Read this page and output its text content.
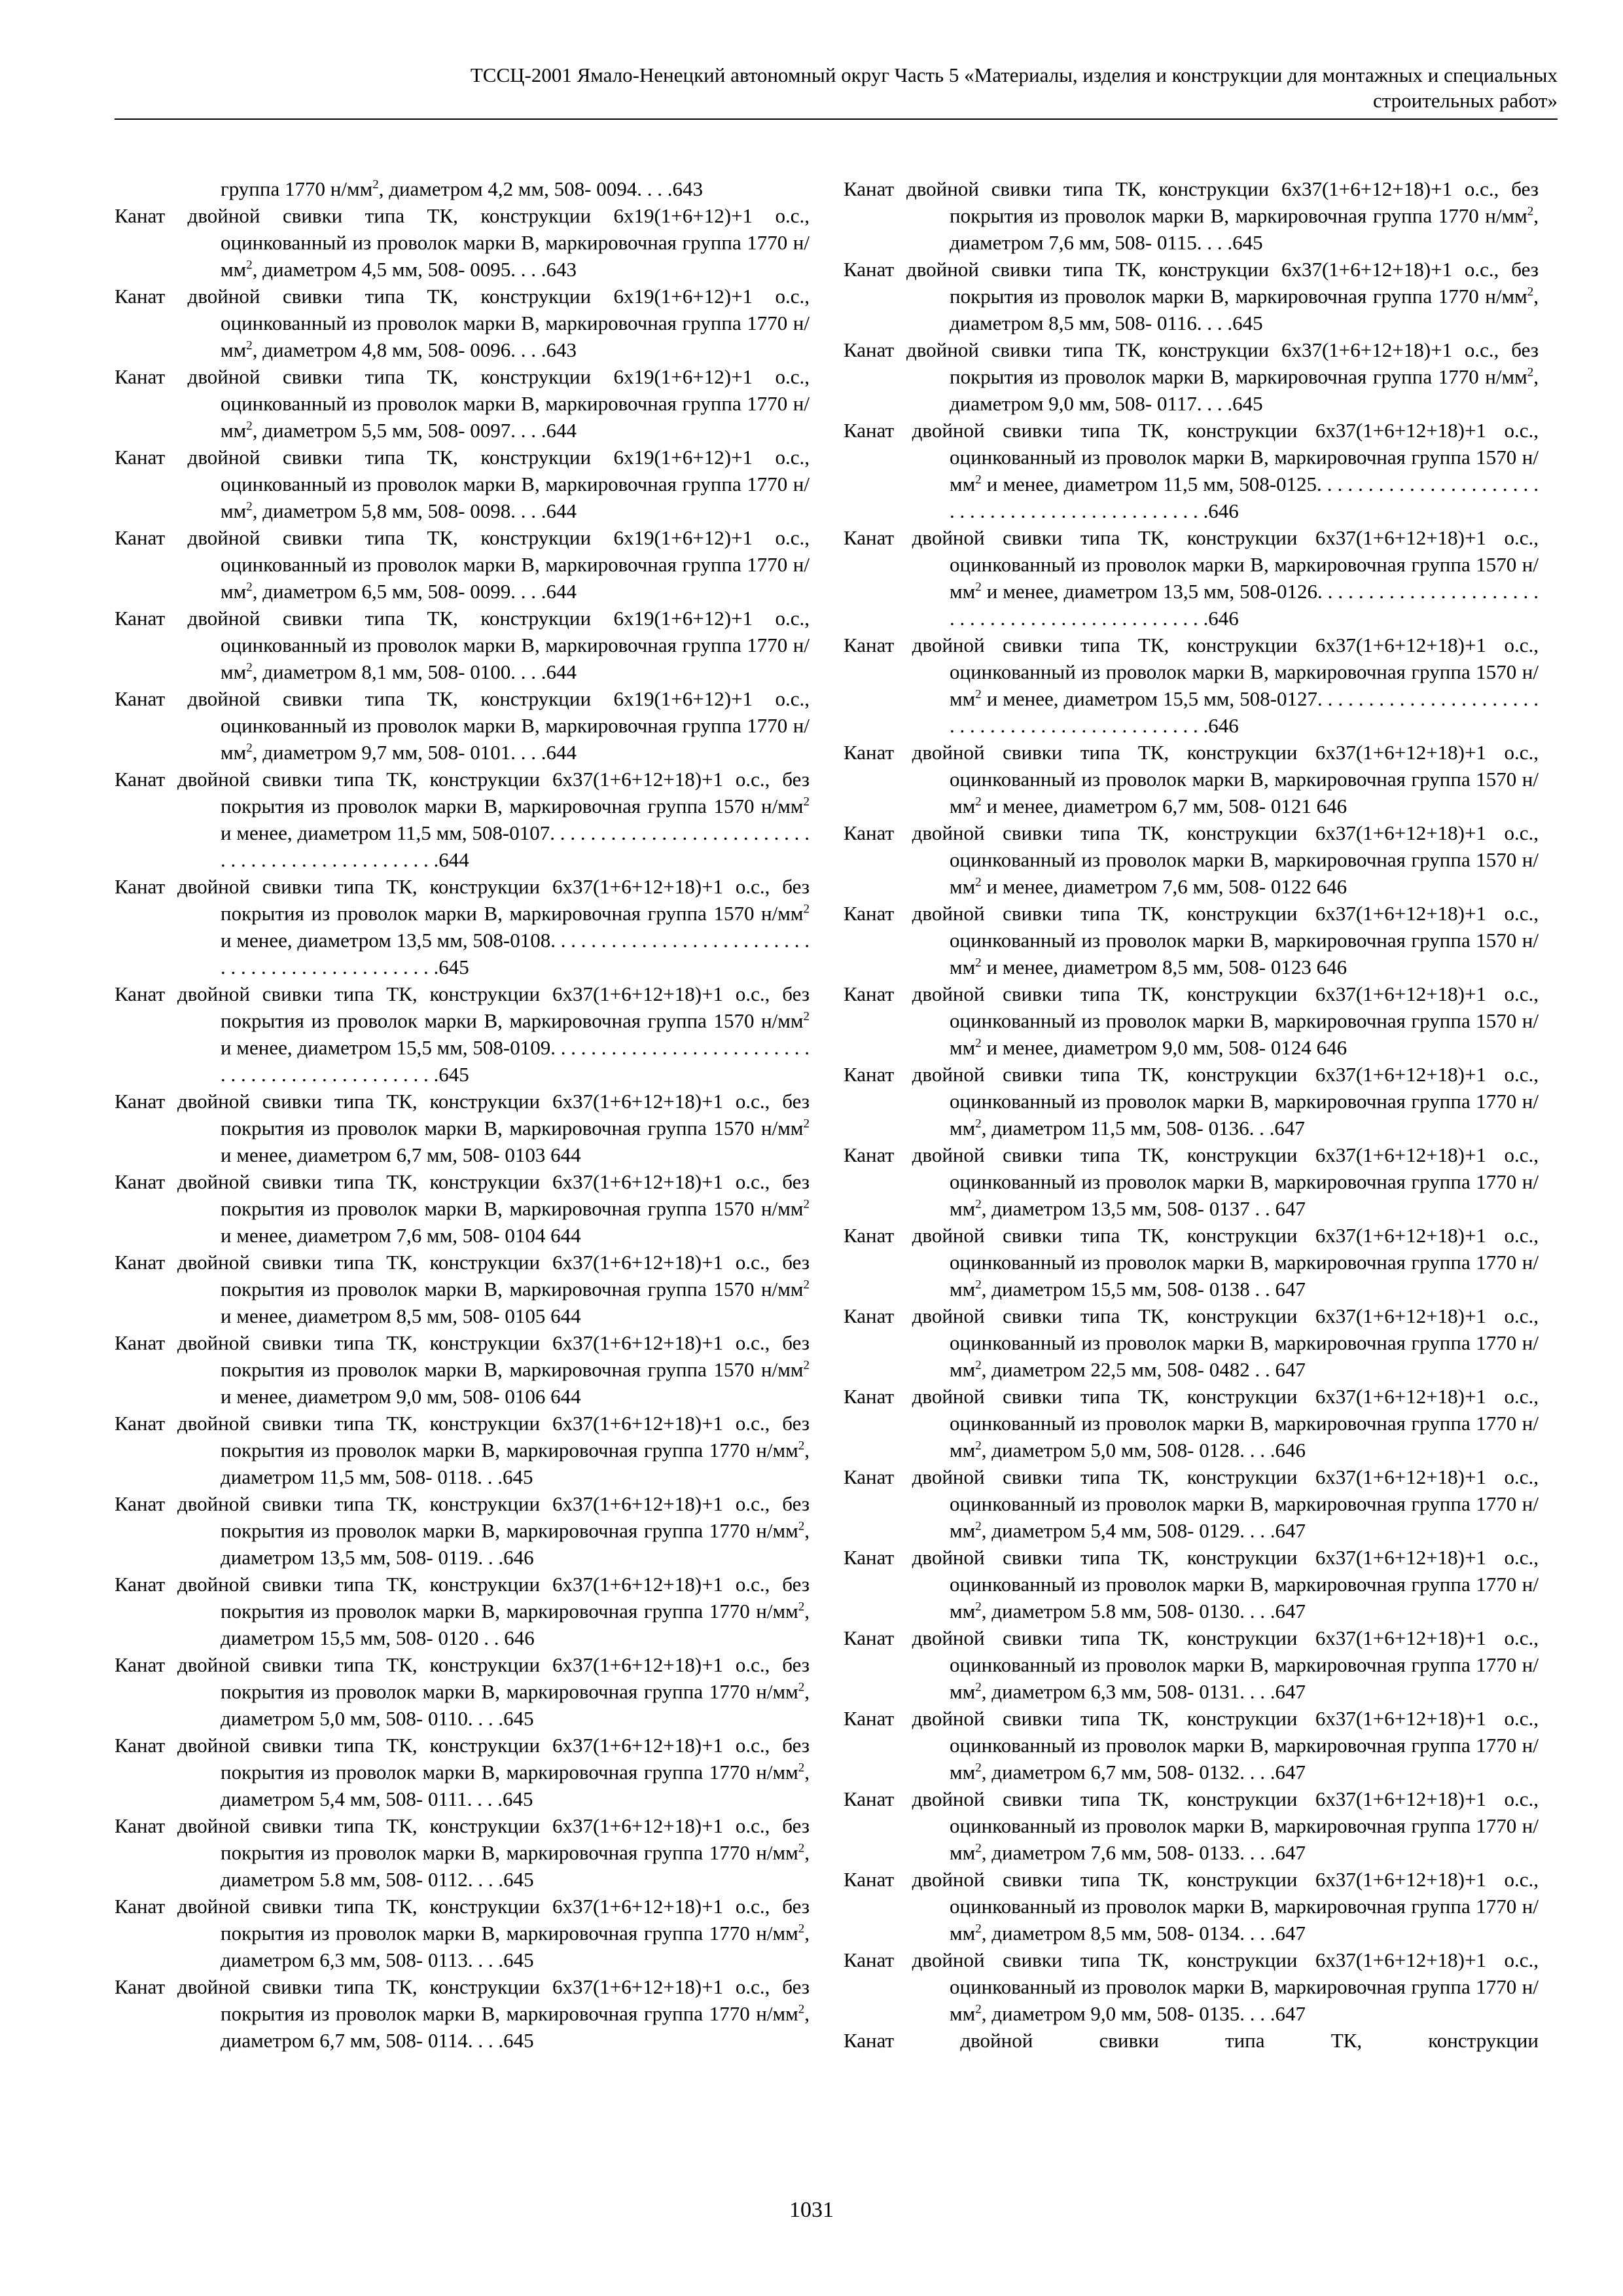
ТССЦ-2001 Ямало-Ненецкий автономный округ Часть 5 «Материалы, изделия и конструкции для монтажных и специальных
строительных работ»
группа 1770 $н/мм^2$, диаметром 4,2 мм, 508- 0094. . . .643
Канат двойной свивки типа ТК, конструкции 6х19(1+6+12)+1 о.с., оцинкованный из проволок марки В, маркировочная группа 1770 $н/мм^2$, диаметром 4,5 мм, 508- 0095. . . .643
Канат двойной свивки типа ТК, конструкции 6х19(1+6+12)+1 о.с., оцинкованный из проволок марки В, маркировочная группа 1770 $н/мм^2$, диаметром 4,8 мм, 508- 0096. . . .643
Канат двойной свивки типа ТК, конструкции 6х19(1+6+12)+1 о.с., оцинкованный из проволок марки В, маркировочная группа 1770 $н/мм^2$, диаметром 5,5 мм, 508- 0097. . . .644
Канат двойной свивки типа ТК, конструкции 6х19(1+6+12)+1 о.с., оцинкованный из проволок марки В, маркировочная группа 1770 $н/мм^2$, диаметром 5,8 мм, 508- 0098. . . .644
Канат двойной свивки типа ТК, конструкции 6х19(1+6+12)+1 о.с., оцинкованный из проволок марки В, маркировочная группа 1770 $н/мм^2$, диаметром 6,5 мм, 508- 0099. . . .644
Канат двойной свивки типа ТК, конструкции 6х19(1+6+12)+1 о.с., оцинкованный из проволок марки В, маркировочная группа 1770 $н/мм^2$, диаметром 8,1 мм, 508- 0100. . . .644
Канат двойной свивки типа ТК, конструкции 6х19(1+6+12)+1 о.с., оцинкованный из проволок марки В, маркировочная группа 1770 $н/мм^2$, диаметром 9,7 мм, 508- 0101. . . .644
Канат двойной свивки типа ТК, конструкции 6х37(1+6+12+18)+1 о.с., без покрытия из проволок марки В, маркировочная группа 1570 $н/мм^2$ и менее, диаметром 11,5 мм, 508-0107. . . . . . . . . . . . . . . . . . . . . . . . . . . . . . . . . . . . . . . . . . . . . . . .644
Канат двойной свивки типа ТК, конструкции 6х37(1+6+12+18)+1 о.с., без покрытия из проволок марки В, маркировочная группа 1570 $н/мм^2$ и менее, диаметром 13,5 мм, 508-0108. . . . . . . . . . . . . . . . . . . . . . . . . . . . . . . . . . . . . . . . . . . . . . . .645
Канат двойной свивки типа ТК, конструкции 6х37(1+6+12+18)+1 о.с., без покрытия из проволок марки В, маркировочная группа 1570 $н/мм^2$ и менее, диаметром 15,5 мм, 508-0109. . . . . . . . . . . . . . . . . . . . . . . . . . . . . . . . . . . . . . . . . . . . . . . .645
Канат двойной свивки типа ТК, конструкции 6х37(1+6+12+18)+1 о.с., без покрытия из проволок марки В, маркировочная группа 1570 $н/мм^2$ и менее, диаметром 6,7 мм, 508- 0103 644
Канат двойной свивки типа ТК, конструкции 6х37(1+6+12+18)+1 о.с., без покрытия из проволок марки В, маркировочная группа 1570 $н/мм^2$ и менее, диаметром 7,6 мм, 508- 0104 644
Канат двойной свивки типа ТК, конструкции 6х37(1+6+12+18)+1 о.с., без покрытия из проволок марки В, маркировочная группа 1570 $н/мм^2$ и менее, диаметром 8,5 мм, 508- 0105 644
Канат двойной свивки типа ТК, конструкции 6х37(1+6+12+18)+1 о.с., без покрытия из проволок марки В, маркировочная группа 1570 $н/мм^2$ и менее, диаметром 9,0 мм, 508- 0106 644
Канат двойной свивки типа ТК, конструкции 6х37(1+6+12+18)+1 о.с., без покрытия из проволок марки В, маркировочная группа 1770 $н/мм^2$, диаметром 11,5 мм, 508- 0118. . .645
Канат двойной свивки типа ТК, конструкции 6х37(1+6+12+18)+1 о.с., без покрытия из проволок марки В, маркировочная группа 1770 $н/мм^2$, диаметром 13,5 мм, 508- 0119. . .646
Канат двойной свивки типа ТК, конструкции 6х37(1+6+12+18)+1 о.с., без покрытия из проволок марки В, маркировочная группа 1770 $н/мм^2$, диаметром 15,5 мм, 508- 0120 . . 646
Канат двойной свивки типа ТК, конструкции 6х37(1+6+12+18)+1 о.с., без покрытия из проволок марки В, маркировочная группа 1770 $н/мм^2$, диаметром 5,0 мм, 508- 0110. . . .645
Канат двойной свивки типа ТК, конструкции 6х37(1+6+12+18)+1 о.с., без покрытия из проволок марки В, маркировочная группа 1770 $н/мм^2$, диаметром 5,4 мм, 508- 0111. . . .645
Канат двойной свивки типа ТК, конструкции 6х37(1+6+12+18)+1 о.с., без покрытия из проволок марки В, маркировочная группа 1770 $н/мм^2$, диаметром 5.8 мм, 508- 0112. . . .645
Канат двойной свивки типа ТК, конструкции 6х37(1+6+12+18)+1 о.с., без покрытия из проволок марки В, маркировочная группа 1770 $н/мм^2$, диаметром 6,3 мм, 508- 0113. . . .645
Канат двойной свивки типа ТК, конструкции 6х37(1+6+12+18)+1 о.с., без покрытия из проволок марки В, маркировочная группа 1770 $н/мм^2$, диаметром 6,7 мм, 508- 0114. . . .645
Канат двойной свивки типа ТК, конструкции 6х37(1+6+12+18)+1 о.с., без покрытия из проволок марки В, маркировочная группа 1770 $н/мм^2$, диаметром 7,6 мм, 508- 0115. . . .645
Канат двойной свивки типа ТК, конструкции 6х37(1+6+12+18)+1 о.с., без покрытия из проволок марки В, маркировочная группа 1770 $н/мм^2$, диаметром 8,5 мм, 508- 0116. . . .645
Канат двойной свивки типа ТК, конструкции 6х37(1+6+12+18)+1 о.с., без покрытия из проволок марки В, маркировочная группа 1770 $н/мм^2$, диаметром 9,0 мм, 508- 0117. . . .645
Канат двойной свивки типа ТК, конструкции 6х37(1+6+12+18)+1 о.с., оцинкованный из проволок марки В, маркировочная группа 1570 $н/мм^2$ и менее, диаметром 11,5 мм, 508-0125. . . . . . . . . . . . . . . . . . . . . . . . . . . . . . . . . . . . . . . . . . . . . . . .646
Канат двойной свивки типа ТК, конструкции 6х37(1+6+12+18)+1 о.с., оцинкованный из проволок марки В, маркировочная группа 1570 $н/мм^2$ и менее, диаметром 13,5 мм, 508-0126. . . . . . . . . . . . . . . . . . . . . . . . . . . . . . . . . . . . . . . . . . . . . . . .646
Канат двойной свивки типа ТК, конструкции 6х37(1+6+12+18)+1 о.с., оцинкованный из проволок марки В, маркировочная группа 1570 $н/мм^2$ и менее, диаметром 15,5 мм, 508-0127. . . . . . . . . . . . . . . . . . . . . . . . . . . . . . . . . . . . . . . . . . . . . . . .646
Канат двойной свивки типа ТК, конструкции 6х37(1+6+12+18)+1 о.с., оцинкованный из проволок марки В, маркировочная группа 1570 $н/мм^2$ и менее, диаметром 6,7 мм, 508- 0121 646
Канат двойной свивки типа ТК, конструкции 6х37(1+6+12+18)+1 о.с., оцинкованный из проволок марки В, маркировочная группа 1570 $н/мм^2$ и менее, диаметром 7,6 мм, 508- 0122 646
Канат двойной свивки типа ТК, конструкции 6х37(1+6+12+18)+1 о.с., оцинкованный из проволок марки В, маркировочная группа 1570 $н/мм^2$ и менее, диаметром 8,5 мм, 508- 0123 646
Канат двойной свивки типа ТК, конструкции 6х37(1+6+12+18)+1 о.с., оцинкованный из проволок марки В, маркировочная группа 1570 $н/мм^2$ и менее, диаметром 9,0 мм, 508- 0124 646
Канат двойной свивки типа ТК, конструкции 6х37(1+6+12+18)+1 о.с., оцинкованный из проволок марки В, маркировочная группа 1770 $н/мм^2$, диаметром 11,5 мм, 508- 0136. . .647
Канат двойной свивки типа ТК, конструкции 6х37(1+6+12+18)+1 о.с., оцинкованный из проволок марки В, маркировочная группа 1770 $н/мм^2$, диаметром 13,5 мм, 508- 0137 . . 647
Канат двойной свивки типа ТК, конструкции 6х37(1+6+12+18)+1 о.с., оцинкованный из проволок марки В, маркировочная группа 1770 $н/мм^2$, диаметром 15,5 мм, 508- 0138 . . 647
Канат двойной свивки типа ТК, конструкции 6х37(1+6+12+18)+1 о.с., оцинкованный из проволок марки В, маркировочная группа 1770 $н/мм^2$, диаметром 22,5 мм, 508- 0482 . . 647
Канат двойной свивки типа ТК, конструкции 6х37(1+6+12+18)+1 о.с., оцинкованный из проволок марки В, маркировочная группа 1770 $н/мм^2$, диаметром 5,0 мм, 508- 0128. . . .646
Канат двойной свивки типа ТК, конструкции 6х37(1+6+12+18)+1 о.с., оцинкованный из проволок марки В, маркировочная группа 1770 $н/мм^2$, диаметром 5,4 мм, 508- 0129. . . .647
Канат двойной свивки типа ТК, конструкции 6х37(1+6+12+18)+1 о.с., оцинкованный из проволок марки В, маркировочная группа 1770 $н/мм^2$, диаметром 5.8 мм, 508- 0130. . . .647
Канат двойной свивки типа ТК, конструкции 6х37(1+6+12+18)+1 о.с., оцинкованный из проволок марки В, маркировочная группа 1770 $н/мм^2$, диаметром 6,3 мм, 508- 0131. . . .647
Канат двойной свивки типа ТК, конструкции 6х37(1+6+12+18)+1 о.с., оцинкованный из проволок марки В, маркировочная группа 1770 $н/мм^2$, диаметром 6,7 мм, 508- 0132. . . .647
Канат двойной свивки типа ТК, конструкции 6х37(1+6+12+18)+1 о.с., оцинкованный из проволок марки В, маркировочная группа 1770 $н/мм^2$, диаметром 7,6 мм, 508- 0133. . . .647
Канат двойной свивки типа ТК, конструкции 6х37(1+6+12+18)+1 о.с., оцинкованный из проволок марки В, маркировочная группа 1770 $н/мм^2$, диаметром 8,5 мм, 508- 0134. . . .647
Канат двойной свивки типа ТК, конструкции 6х37(1+6+12+18)+1 о.с., оцинкованный из проволок марки В, маркировочная группа 1770 $н/мм^2$, диаметром 9,0 мм, 508- 0135. . . .647
Канат двойной свивки типа ТК, конструкции
1031
